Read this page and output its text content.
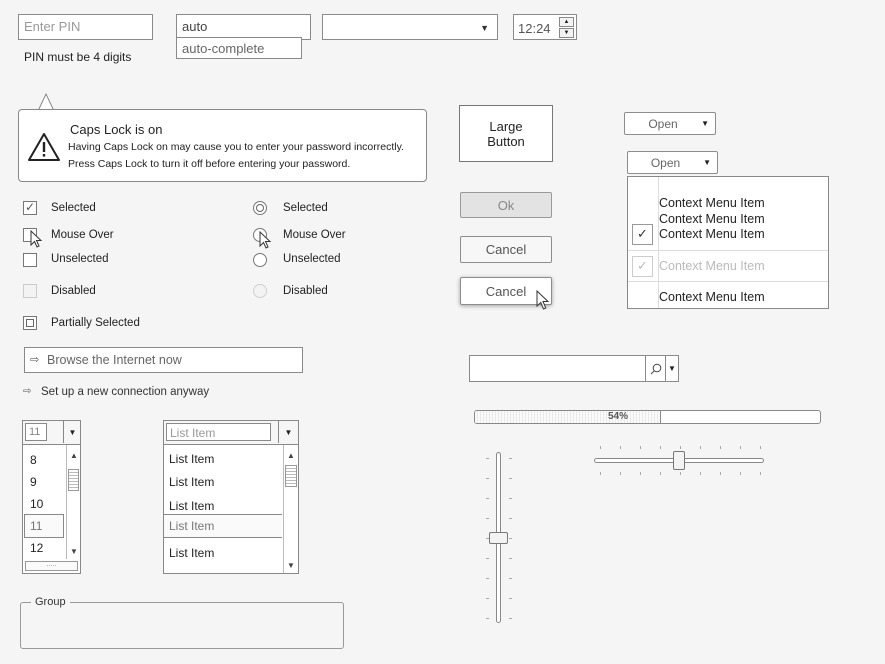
Enter PIN
PIN must be 4 digits
auto
auto-complete
▼ 12:24	▲
▼
Caps Lock is on
Having Caps Lock on may cause you to enter your password incorrectly.
Press Caps Lock to turn it off before entering your password.
✓ Selected
Mouse Over
Unselected
Disabled
Partially Selected
Selected
Mouse Over
Unselected
Disabled
⇨ Browse the Internet now
⇨ Set up a new connection anyway
11	▼
8
9
10
11
12
▲
▼
.....
List Item	▼
List Item
List Item
List Item
List Item
List Item
▲
▼
Group
Large
Button
Ok
Cancel
Cancel
Open	▼
Open	▼
Context Menu Item
Context Menu Item
✓ Context Menu Item
✓ Context Menu Item
Context Menu Item
▼
54%
